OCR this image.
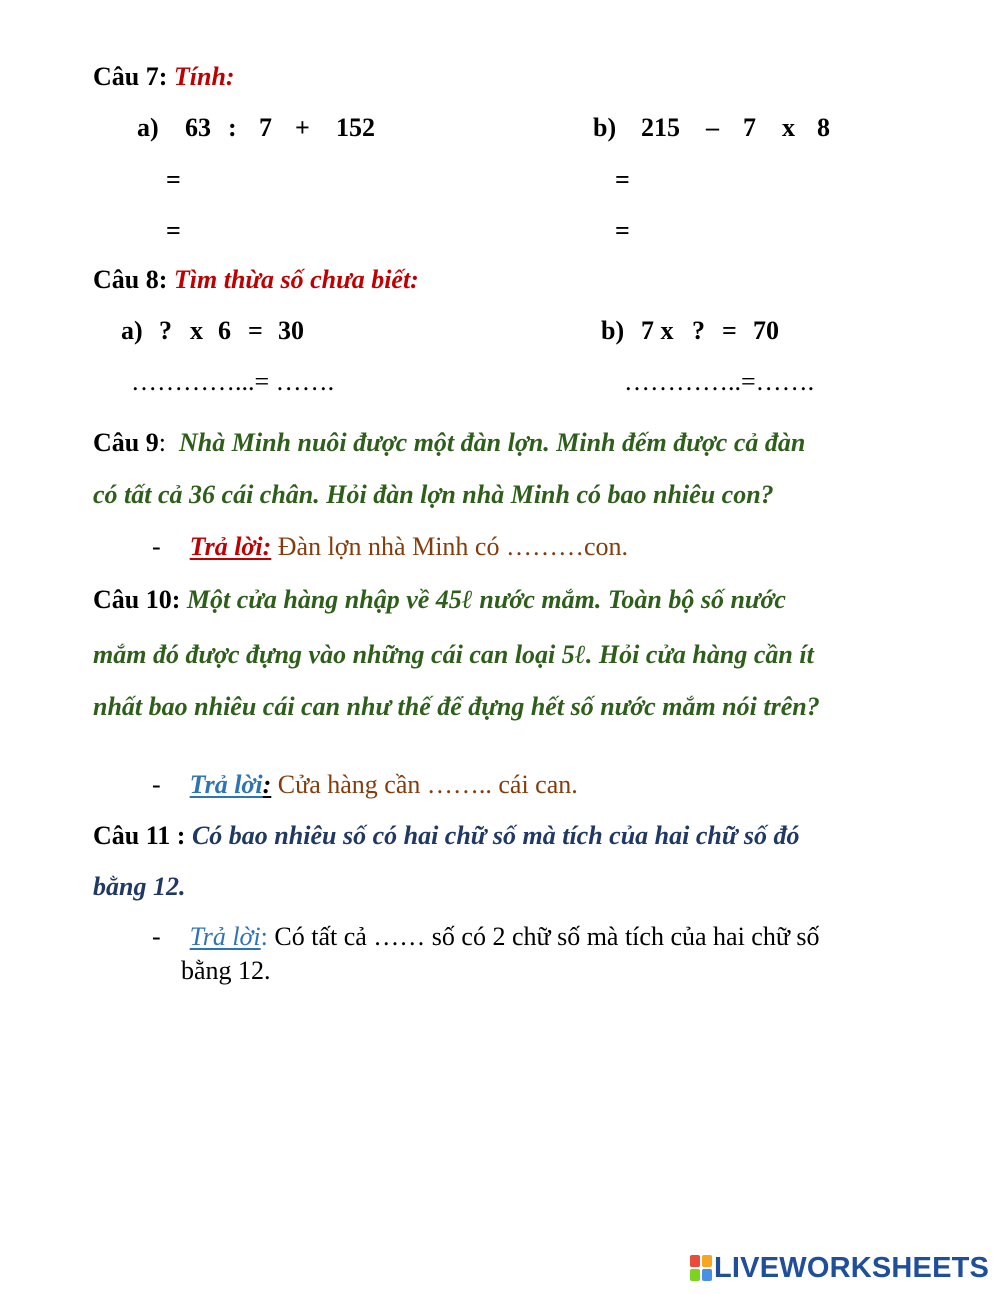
Câu 7: Tính:
a) 63 : 7 + 152	b) 215 – 7 x 8
=
=
=
=
Câu 8: Tìm thừa số chưa biết:
a) ? x 6 = 30
…………...= …….
b) 7 x ? = 70
…………..=…….
Câu 9: Nhà Minh nuôi được một đàn lợn. Minh đếm được cả đàn
có tất cả 36 cái chân. Hỏi đàn lợn nhà Minh có bao nhiêu con?
- Trả lời: Đàn lợn nhà Minh có ………con.
Câu 10: Một cửa hàng nhập về 45ℓ nước mắm. Toàn bộ số nước
mắm đó được đựng vào những cái can loại 5ℓ. Hỏi cửa hàng cần ít
nhất bao nhiêu cái can như thế để đựng hết số nước mắm nói trên?
- Trả lời: Cửa hàng cần …….. cái can.
Câu 11 : Có bao nhiêu số có hai chữ số mà tích của hai chữ số đó
bằng 12.
- Trả lời: Có tất cả …… số có 2 chữ số mà tích của hai chữ số
bằng 12.
LIVEWORKSHEETS
